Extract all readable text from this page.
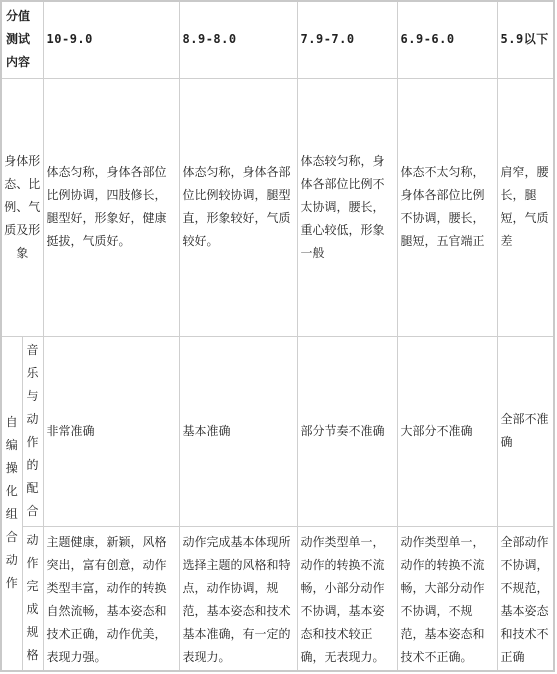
分值测试内容		10-9.0	8.9-8.0	7.9-7.0	6.9-6.0	5.9以下
身体形态、比例、气质及形象		体态匀称，身体各部位比例协调，四肢修长，腿型好，形象好，健康挺拔，气质好。	体态匀称，身体各部位比例较协调，腿型直，形象较好，气质较好。	体态较匀称，身体各部位比例不太协调，腰长，重心较低，形象一般	体态不太匀称，身体各部位比例不协调，腰长，腿短，五官端正	肩窄，腰长，腿短，气质差
自编操化组合动作	音乐与动作的配合	非常准确	基本准确	部分节奏不准确	大部分不准确	全部不准确
	动作完成规格	主题健康，新颖，风格突出，富有创意，动作类型丰富，动作的转换自然流畅，基本姿态和技术正确，动作优美，表现力强。	动作完成基本体现所选择主题的风格和特点，动作协调，规范，基本姿态和技术基本准确，有一定的表现力。	动作类型单一，动作的转换不流畅，小部分动作不协调，基本姿态和技术较正确，无表现力。	动作类型单一，动作的转换不流畅，大部分动作不协调，不规范，基本姿态和技术不正确。	全部动作不协调，不规范，基本姿态和技术不正确
